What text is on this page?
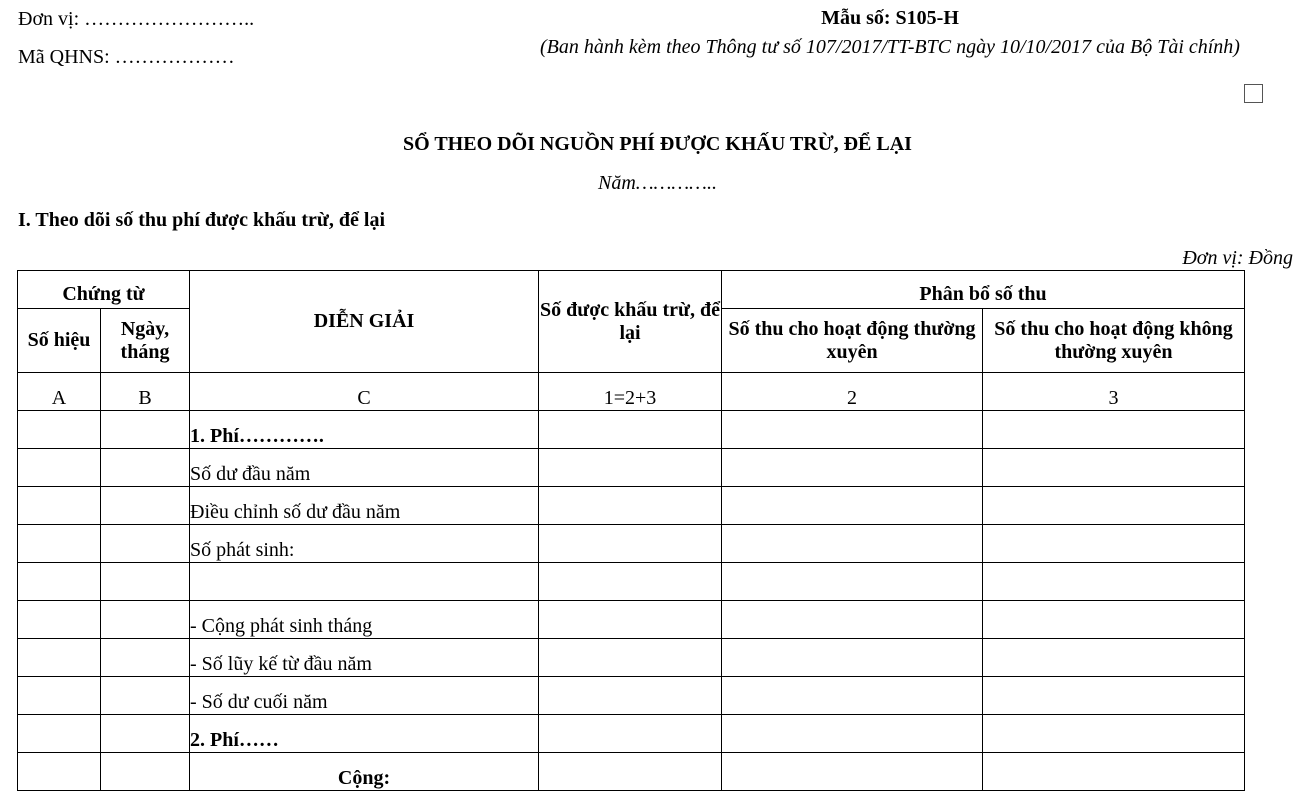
Đơn vị: ……………………..
Mã QHNS: ………………
Mẫu số: S105-H
(Ban hành kèm theo Thông tư số 107/2017/TT-BTC ngày 10/10/2017 của Bộ Tài chính)
SỔ THEO DÕI NGUỒN PHÍ ĐƯỢC KHẤU TRỪ, ĐỂ LẠI
Năm…………..
I. Theo dõi số thu phí được khấu trừ, để lại
Đơn vị: Đồng
Chứng từ		DIỄN GIẢI	Số được khấu trừ, để lại	Phân bổ số thu	
Số hiệu	Ngày, tháng			Số thu cho hoạt động thường xuyên	Số thu cho hoạt động không thường xuyên
A	B	C	1=2+3	2	3
		1. Phí………….			
		Số dư đầu năm			
		Điều chỉnh số dư đầu năm			
		Số phát sinh:			

		- Cộng phát sinh tháng			
		- Số lũy kế từ đầu năm			
		- Số dư cuối năm			
		2. Phí……			
		Cộng:			
